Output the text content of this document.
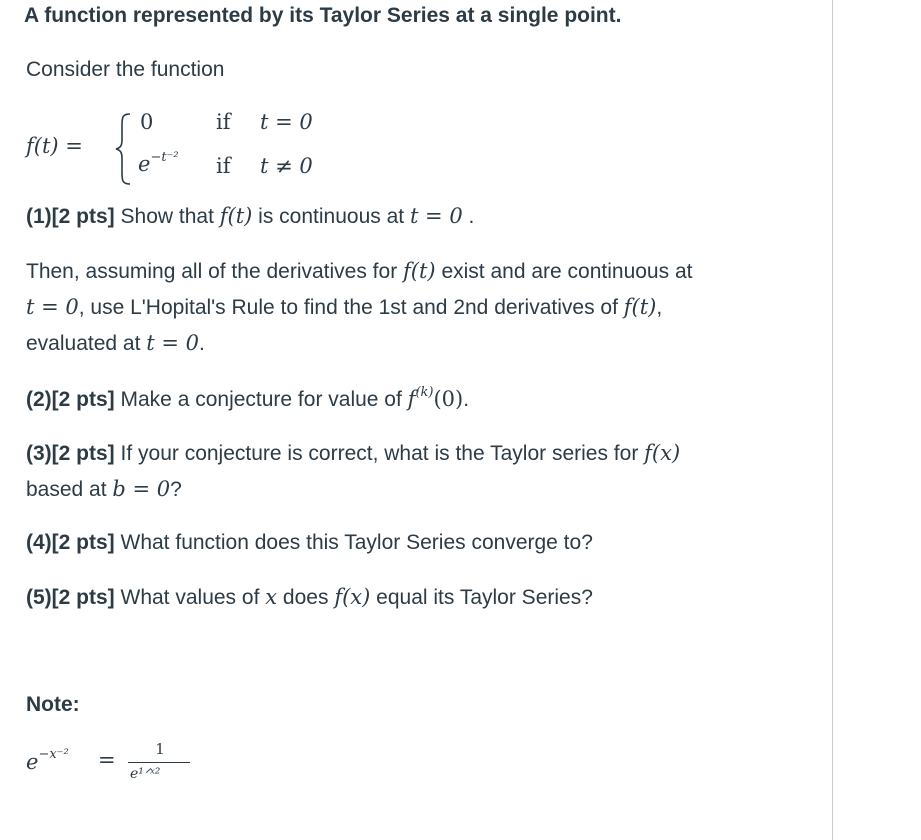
A function represented by its Taylor Series at a single point.

Consider the function

f(t) =
0	if t = 0
$e^{-t^{-2}}$ if t ≠ 0

(1)[2 pts] Show that f(t) is continuous at t = 0 .

Then, assuming all of the derivatives for f(t) exist and are continuous at

t = 0, use L'Hopital's Rule to find the 1st and 2nd derivatives of f(t),

evaluated at t = 0.

(2)[2 pts] Make a conjecture for value of $f^{(k)}(0)$.

(3)[2 pts] If your conjecture is correct, what is the Taylor series for f(x)

based at b = 0?

(4)[2 pts] What function does this Taylor Series converge to?

(5)[2 pts] What values of x does f(x) equal its Taylor Series?

Note:

$e^{-x^{-2}}$ =	1
e¹ᐟˣ²
